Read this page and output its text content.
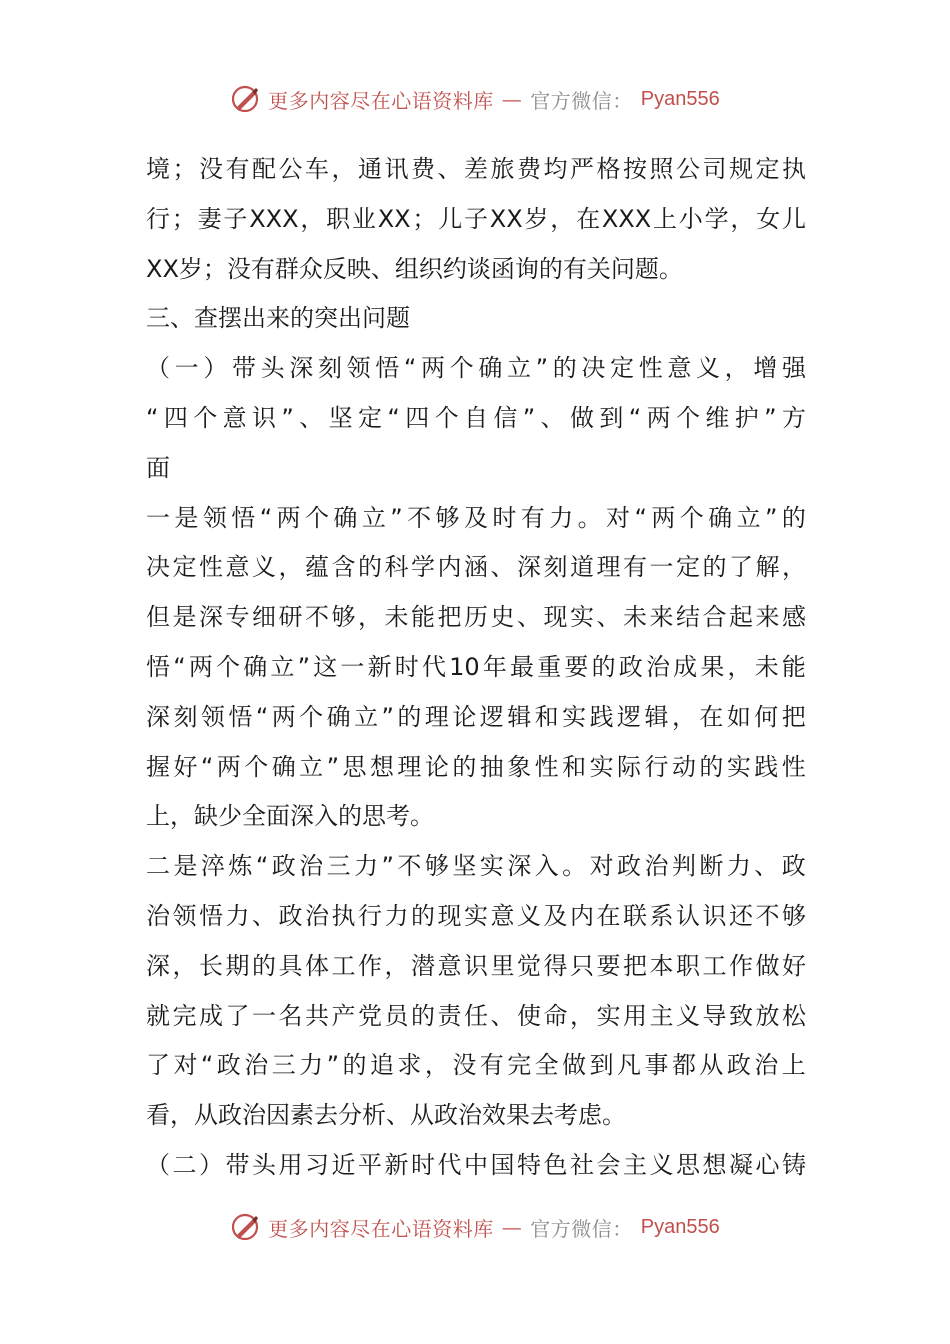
更多内容尽在心语资料库 — 官方微信： Pyan556
境 ； 没 有 配 公 车 ， 通 讯 费 、 差 旅 费 均 严 格 按 照 公 司 规 定 执
行 ； 妻 子 XXX ， 职 业 XX ； 儿 子 XX 岁 ， 在 XXX 上 小 学 ， 女 儿
XX岁；没有群众反映、组织约谈函询的有关问题。
三、查摆出来的突出问题
（ 一 ） 带 头 深 刻 领 悟 “ 两 个 确 立 ” 的 决 定 性 意 义 ， 增 强
“ 四 个 意 识 ” 、 坚 定 “ 四 个 自 信 ” 、 做 到 “ 两 个 维 护 ” 方
面
一 是 领 悟 “ 两 个 确 立 ” 不 够 及 时 有 力 。 对 “ 两 个 确 立 ” 的
决 定 性 意 义 ， 蕴 含 的 科 学 内 涵 、 深 刻 道 理 有 一 定 的 了 解 ，
但 是 深 专 细 研 不 够 ， 未 能 把 历 史 、 现 实 、 未 来 结 合 起 来 感
悟 “ 两 个 确 立 ” 这 一 新 时 代 10 年 最 重 要 的 政 治 成 果 ， 未 能
深 刻 领 悟 “ 两 个 确 立 ” 的 理 论 逻 辑 和 实 践 逻 辑 ， 在 如 何 把
握 好 “ 两 个 确 立 ” 思 想 理 论 的 抽 象 性 和 实 际 行 动 的 实 践 性
上，缺少全面深入的思考。
二 是 淬 炼 “ 政 治 三 力 ” 不 够 坚 实 深 入 。 对 政 治 判 断 力 、 政
治 领 悟 力 、 政 治 执 行 力 的 现 实 意 义 及 内 在 联 系 认 识 还 不 够
深 ， 长 期 的 具 体 工 作 ， 潜 意 识 里 觉 得 只 要 把 本 职 工 作 做 好
就 完 成 了 一 名 共 产 党 员 的 责 任 、 使 命 ， 实 用 主 义 导 致 放 松
了 对 “ 政 治 三 力 ” 的 追 求 ， 没 有 完 全 做 到 凡 事 都 从 政 治 上
看，从政治因素去分析、从政治效果去考虑。
（ 二 ） 带 头 用 习 近 平 新 时 代 中 国 特 色 社 会 主 义 思 想 凝 心 铸
更多内容尽在心语资料库 — 官方微信： Pyan556
